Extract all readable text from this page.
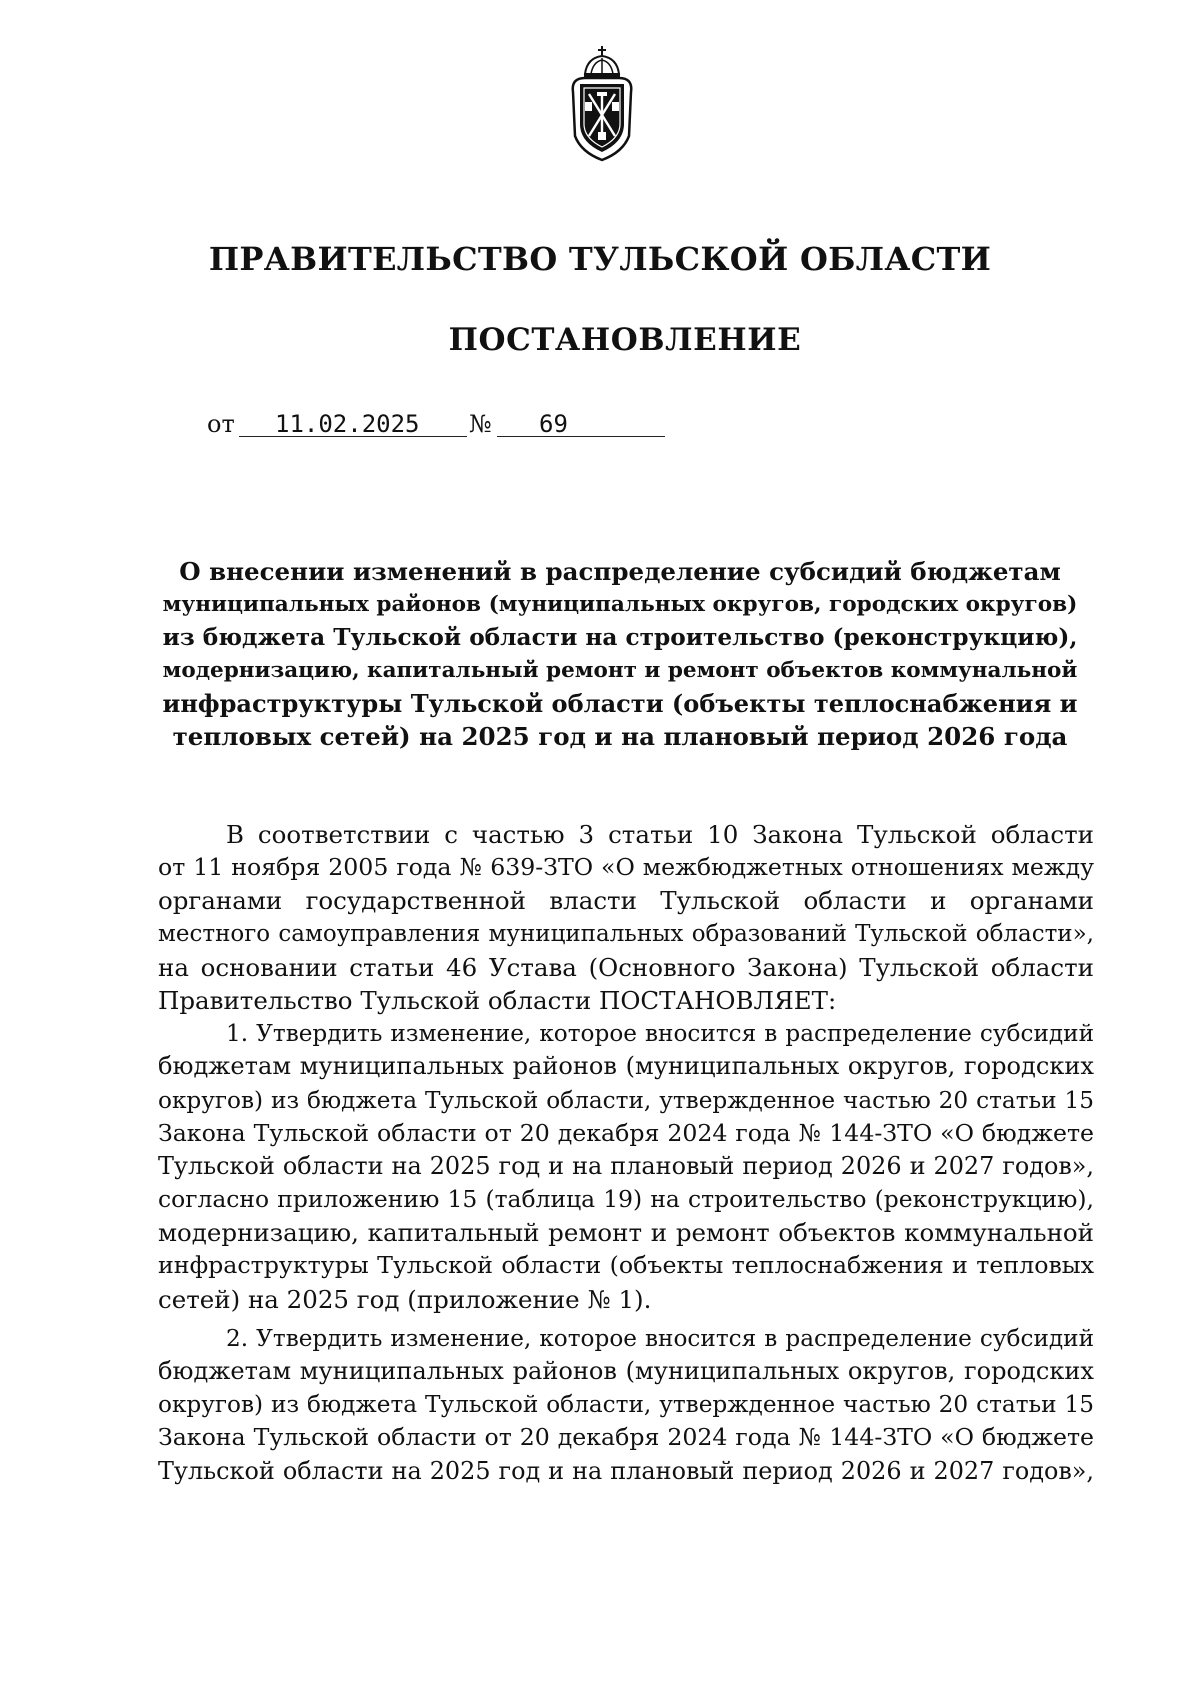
ПРАВИТЕЛЬСТВО ТУЛЬСКОЙ ОБЛАСТИ
ПОСТАНОВЛЕНИЕ
от 11.02.2025 № 69
О внесении изменений в распределение субсидий бюджетам
муниципальных районов (муниципальных округов, городских округов)
из бюджета Тульской области на строительство (реконструкцию),
модернизацию, капитальный ремонт и ремонт объектов коммунальной
инфраструктуры Тульской области (объекты теплоснабжения и
тепловых сетей) на 2025 год и на плановый период 2026 года
В соответствии с частью 3 статьи 10 Закона Тульской области
от 11 ноября 2005 года № 639-ЗТО «О межбюджетных отношениях между
органами государственной власти Тульской области и органами
местного самоуправления муниципальных образований Тульской области»,
на основании статьи 46 Устава (Основного Закона) Тульской области
Правительство Тульской области ПОСТАНОВЛЯЕТ:
1. Утвердить изменение, которое вносится в распределение субсидий
бюджетам муниципальных районов (муниципальных округов, городских
округов) из бюджета Тульской области, утвержденное частью 20 статьи 15
Закона Тульской области от 20 декабря 2024 года № 144-ЗТО «О бюджете
Тульской области на 2025 год и на плановый период 2026 и 2027 годов»,
согласно приложению 15 (таблица 19) на строительство (реконструкцию),
модернизацию, капитальный ремонт и ремонт объектов коммунальной
инфраструктуры Тульской области (объекты теплоснабжения и тепловых
сетей) на 2025 год (приложение № 1).
2. Утвердить изменение, которое вносится в распределение субсидий
бюджетам муниципальных районов (муниципальных округов, городских
округов) из бюджета Тульской области, утвержденное частью 20 статьи 15
Закона Тульской области от 20 декабря 2024 года № 144-ЗТО «О бюджете
Тульской области на 2025 год и на плановый период 2026 и 2027 годов»,
